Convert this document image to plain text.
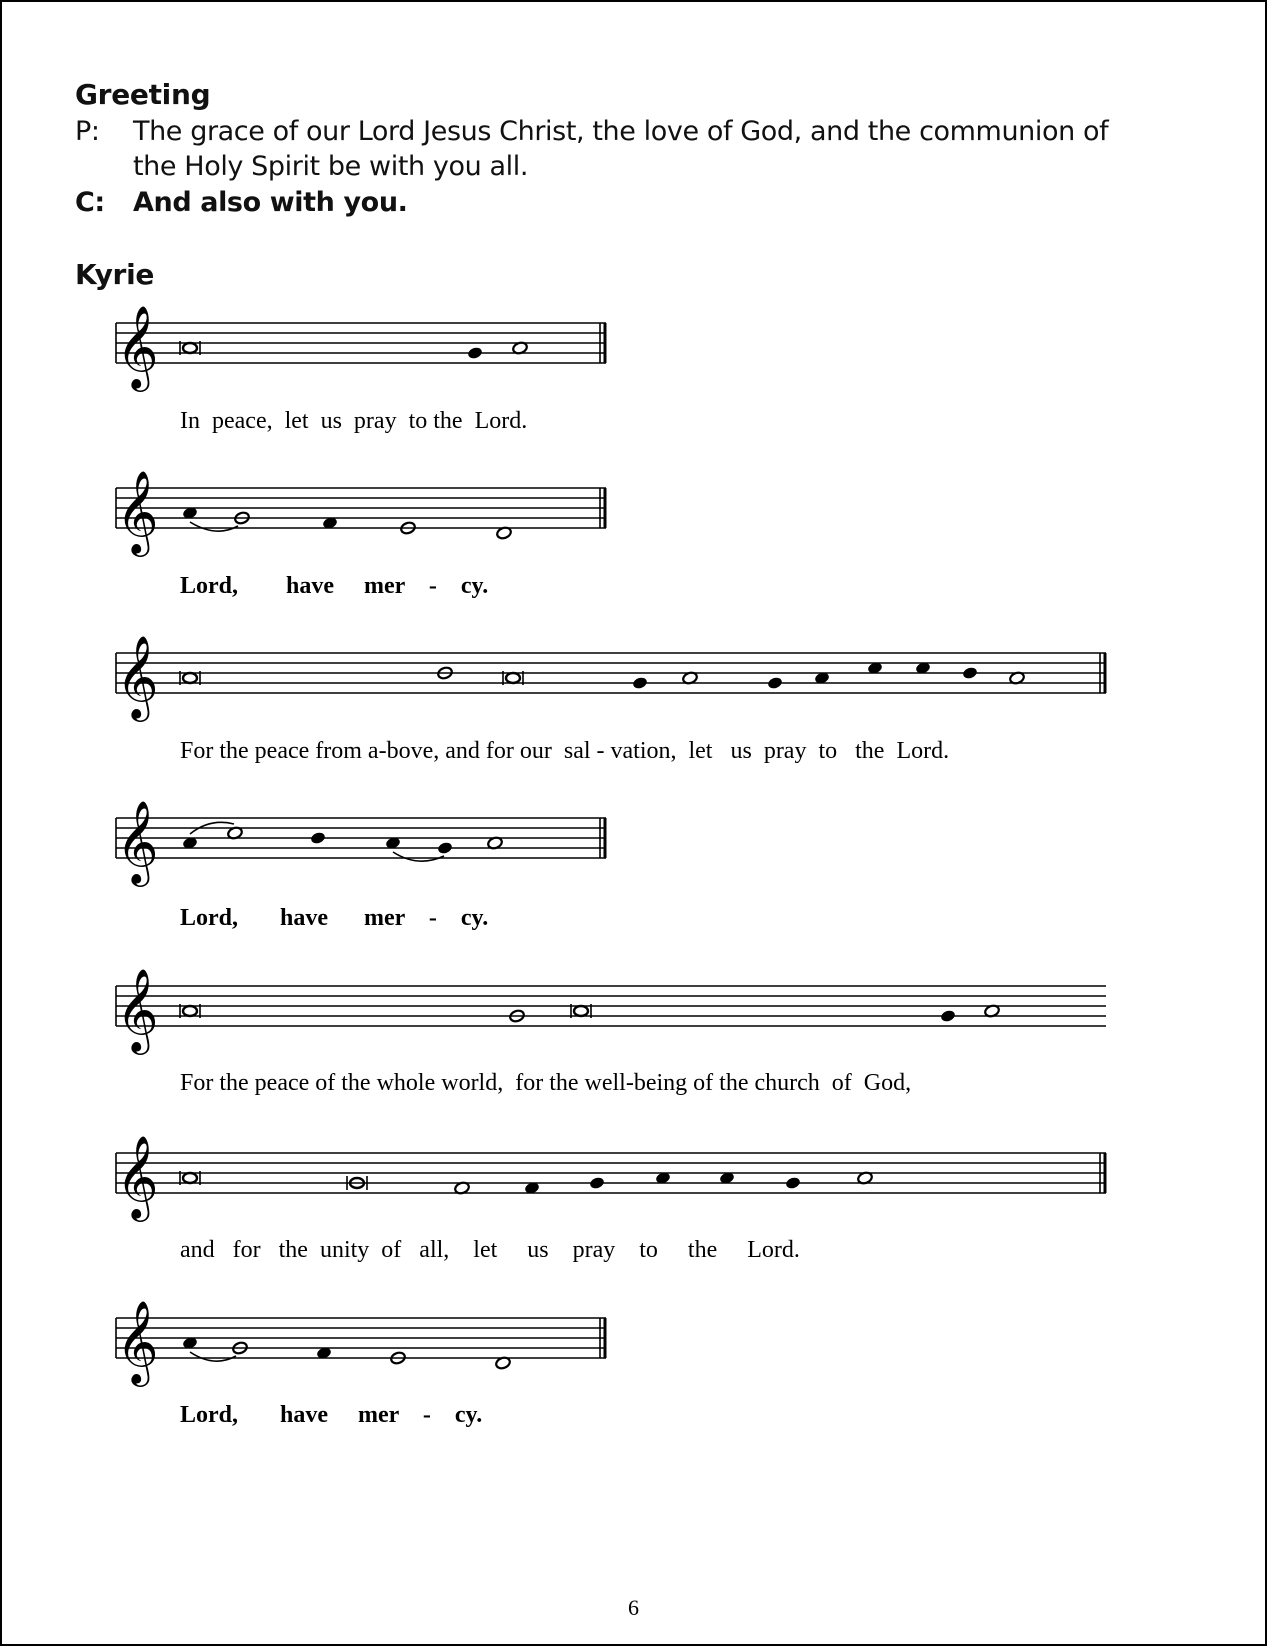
Greeting
P: The grace of our Lord Jesus Christ, the love of God, and the communion of
the Holy Spirit be with you all.
C: And also with you.
Kyrie
𝄞
In  peace,  let  us  pray  to the  Lord.
𝄞
Lord,        have     mer    -    cy.
𝄞
For the peace from a-bove, and for our  sal - vation,  let   us  pray  to   the  Lord.
𝄞
Lord,       have      mer    -    cy.
𝄞
For the peace of the whole world,  for the well-being of the church  of  God,
𝄞
and   for   the  unity  of   all,    let     us    pray    to     the     Lord.
𝄞
Lord,       have     mer    -    cy.
6
